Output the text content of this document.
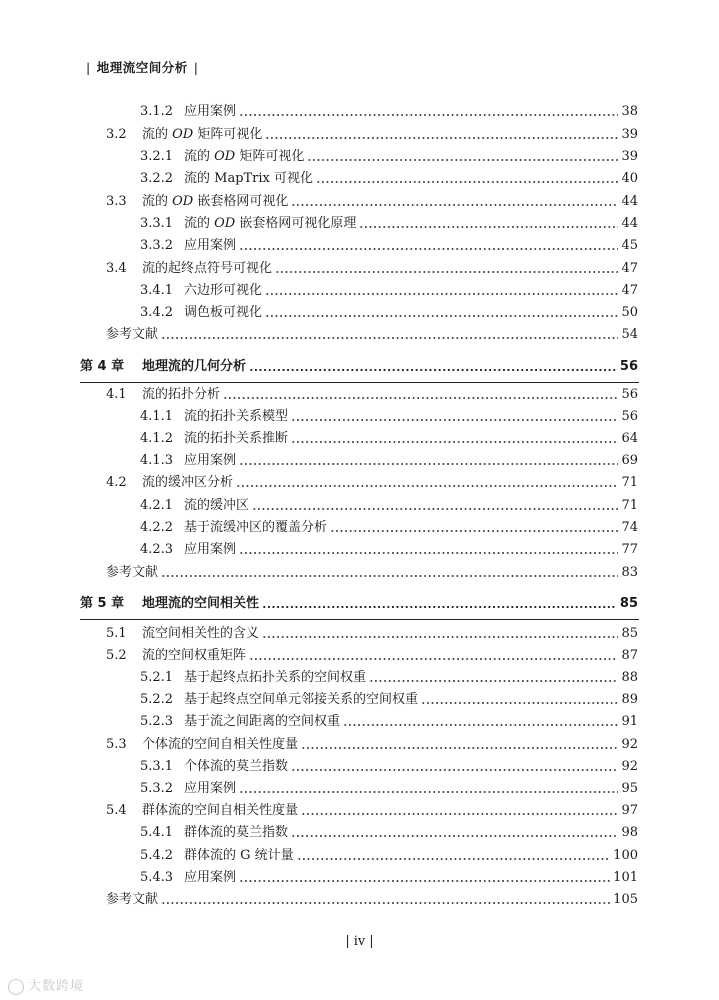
| 地理流空间分析 |
3.1.2 应用案例	38
3.2 流的 OD 矩阵可视化	39
3.2.1 流的 OD 矩阵可视化	39
3.2.2 流的 MapTrix 可视化	40
3.3 流的 OD 嵌套格网可视化	44
3.3.1 流的 OD 嵌套格网可视化原理	44
3.3.2 应用案例	45
3.4 流的起终点符号可视化	47
3.4.1 六边形可视化	47
3.4.2 调色板可视化	50
参考文献	54
第 4 章 地理流的几何分析	56
4.1 流的拓扑分析	56
4.1.1 流的拓扑关系模型	56
4.1.2 流的拓扑关系推断	64
4.1.3 应用案例	69
4.2 流的缓冲区分析	71
4.2.1 流的缓冲区	71
4.2.2 基于流缓冲区的覆盖分析	74
4.2.3 应用案例	77
参考文献	83
第 5 章 地理流的空间相关性	85
5.1 流空间相关性的含义	85
5.2 流的空间权重矩阵	87
5.2.1 基于起终点拓扑关系的空间权重	88
5.2.2 基于起终点空间单元邻接关系的空间权重	89
5.2.3 基于流之间距离的空间权重	91
5.3 个体流的空间自相关性度量	92
5.3.1 个体流的莫兰指数	92
5.3.2 应用案例	95
5.4 群体流的空间自相关性度量	97
5.4.1 群体流的莫兰指数	98
5.4.2 群体流的 G 统计量	100
5.4.3 应用案例	101
参考文献	105
| iv |
大数跨境
